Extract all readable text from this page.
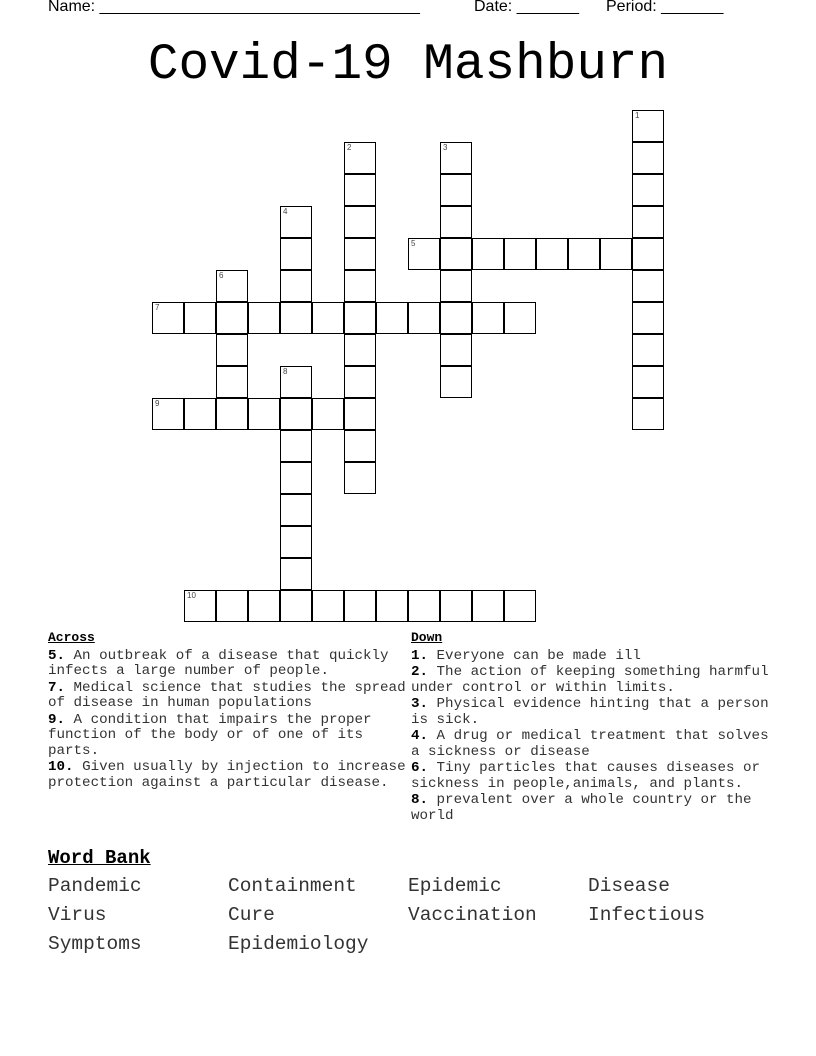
Name: ____________________________________	Date: _______ Period: _______
Covid-19 Mashburn
1
2	3
4
5
6
7
8
9
10
Across
5. An outbreak of a disease that quickly infects a large number of people.
7. Medical science that studies the spread of disease in human populations
9. A condition that impairs the proper function of the body or of one of its parts.
10. Given usually by injection to increase protection against a particular disease.
Down
1. Everyone can be made ill
2. The action of keeping something harmful under control or within limits.
3. Physical evidence hinting that a person is sick.
4. A drug or medical treatment that solves a sickness or disease
6. Tiny particles that causes diseases or sickness in people,animals, and plants.
8. prevalent over a whole country or the world
Word Bank
Pandemic	Containment	Epidemic	Disease
Virus	Cure	Vaccination	Infectious
Symptoms	Epidemiology
